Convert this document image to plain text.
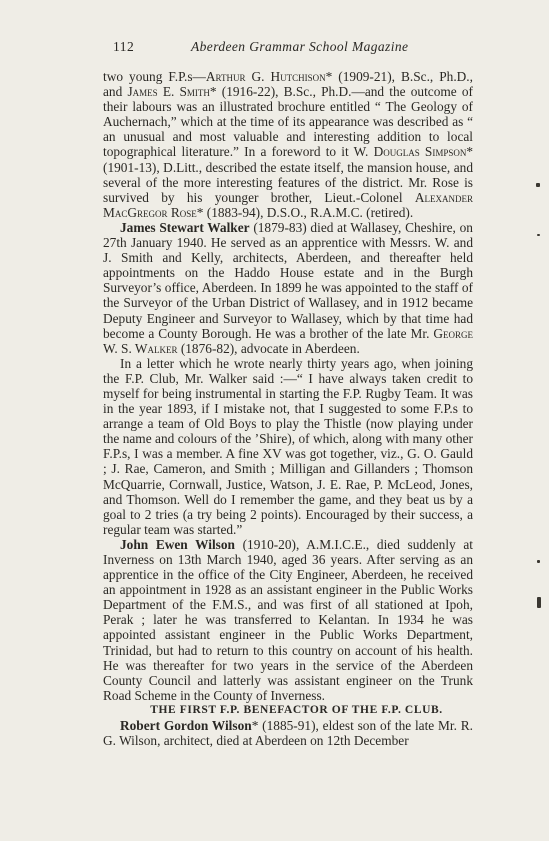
112	Aberdeen Grammar School Magazine

two young F.P.s—Arthur G. Hutchison* (1909-21), B.Sc., Ph.D., and James E. Smith* (1916-22), B.Sc., Ph.D.—and the outcome of their labours was an illustrated brochure entitled “ The Geology of Auchernach,” which at the time of its appearance was described as “ an unusual and most valuable and interesting addition to local topographical literature.” In a foreword to it W. Douglas Simpson* (1901-13), D.Litt., described the estate itself, the mansion house, and several of the more interesting features of the district. Mr. Rose is survived by his younger brother, Lieut.-Colonel Alexander MacGregor Rose* (1883-94), D.S.O., R.A.M.C. (retired).

James Stewart Walker (1879-83) died at Wallasey, Cheshire, on 27th January 1940. He served as an apprentice with Messrs. W. and J. Smith and Kelly, architects, Aberdeen, and thereafter held appointments on the Haddo House estate and in the Burgh Surveyor’s office, Aberdeen. In 1899 he was appointed to the staff of the Surveyor of the Urban District of Wallasey, and in 1912 became Deputy Engineer and Surveyor to Wallasey, which by that time had become a County Borough. He was a brother of the late Mr. George W. S. Walker (1876-82), advocate in Aberdeen.

In a letter which he wrote nearly thirty years ago, when joining the F.P. Club, Mr. Walker said :—“ I have always taken credit to myself for being instrumental in starting the F.P. Rugby Team. It was in the year 1893, if I mistake not, that I suggested to some F.P.s to arrange a team of Old Boys to play the Thistle (now playing under the name and colours of the ’Shire), of which, along with many other F.P.s, I was a member. A fine XV was got together, viz., G. O. Gauld ; J. Rae, Cameron, and Smith ; Milligan and Gillanders ; Thomson McQuarrie, Cornwall, Justice, Watson, J. E. Rae, P. McLeod, Jones, and Thomson. Well do I remember the game, and they beat us by a goal to 2 tries (a try being 2 points). Encouraged by their success, a regular team was started.”

John Ewen Wilson (1910-20), A.M.I.C.E., died suddenly at Inverness on 13th March 1940, aged 36 years. After serving as an apprentice in the office of the City Engineer, Aberdeen, he received an appointment in 1928 as an assistant engineer in the Public Works Department of the F.M.S., and was first of all stationed at Ipoh, Perak ; later he was transferred to Kelantan. In 1934 he was appointed assistant engineer in the Public Works Department, Trinidad, but had to return to this country on account of his health. He was thereafter for two years in the service of the Aberdeen County Council and latterly was assistant engineer on the Trunk Road Scheme in the County of Inverness.

THE FIRST F.P. BENEFACTOR OF THE F.P. CLUB.

Robert Gordon Wilson* (1885-91), eldest son of the late Mr. R. G. Wilson, architect, died at Aberdeen on 12th December
